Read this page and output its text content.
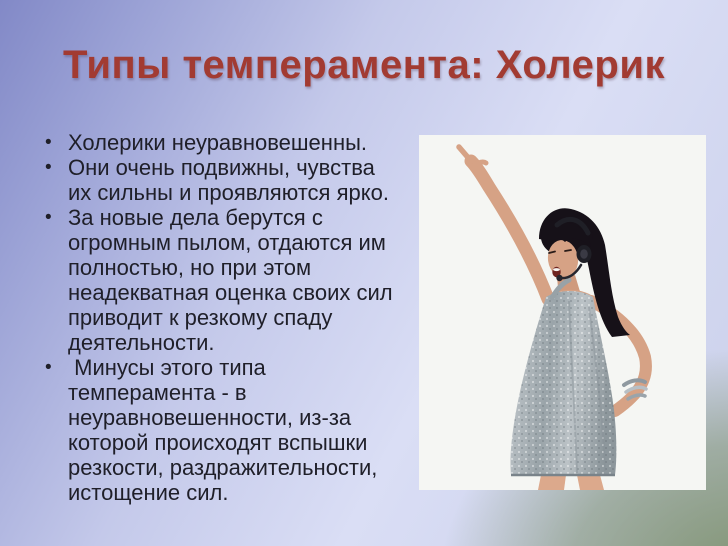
Типы темперамента: Холерик
• Холерики неуравновешенны.
• Они очень подвижны, чувства их сильны и проявляются ярко.
• За новые дела берутся с огромным пылом, отдаются им полностью, но при этом неадекватная оценка своих сил приводит к резкому спаду деятельности.
• Минусы этого типа темперамента - в неуравновешенности, из-за которой происходят вспышки резкости, раздражительности, истощение сил.
